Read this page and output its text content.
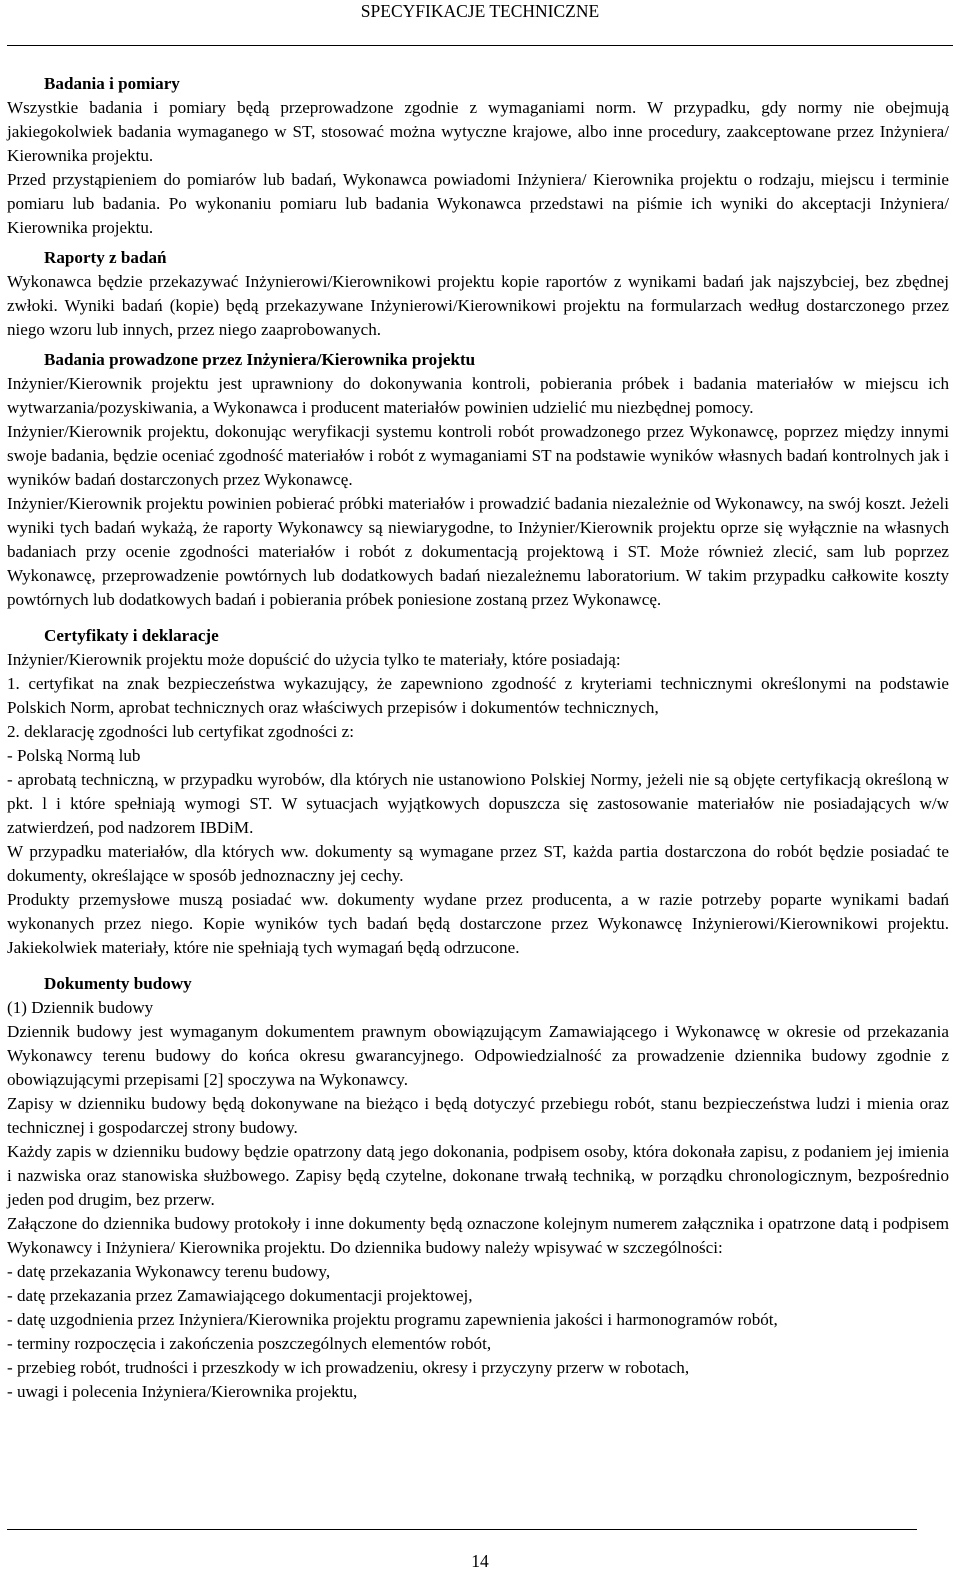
SPECYFIKACJE TECHNICZNE

Badania i pomiary

Wszystkie badania i pomiary będą przeprowadzone zgodnie z wymaganiami norm. W przypadku, gdy normy nie obejmują jakiegokolwiek badania wymaganego w ST, stosować można wytyczne krajowe, albo inne procedury, zaakceptowane przez Inżyniera/ Kierownika projektu.

Przed przystąpieniem do pomiarów lub badań, Wykonawca powiadomi Inżyniera/ Kierownika projektu o rodzaju, miejscu i terminie pomiaru lub badania. Po wykonaniu pomiaru lub badania Wykonawca przedstawi na piśmie ich wyniki do akceptacji Inżyniera/ Kierownika projektu.

Raporty z badań

Wykonawca będzie przekazywać Inżynierowi/Kierownikowi projektu kopie raportów z wynikami badań jak najszybciej, bez zbędnej zwłoki. Wyniki badań (kopie) będą przekazywane Inżynierowi/Kierownikowi projektu na formularzach według dostarczonego przez niego wzoru lub innych, przez niego zaaprobowanych.

Badania prowadzone przez Inżyniera/Kierownika projektu

Inżynier/Kierownik projektu jest uprawniony do dokonywania kontroli, pobierania próbek i badania materiałów w miejscu ich wytwarzania/pozyskiwania, a Wykonawca i producent materiałów powinien udzielić mu niezbędnej pomocy.

Inżynier/Kierownik projektu, dokonując weryfikacji systemu kontroli robót prowadzonego przez Wykonawcę, poprzez między innymi swoje badania, będzie oceniać zgodność materiałów i robót z wymaganiami ST na podstawie wyników własnych badań kontrolnych jak i wyników badań dostarczonych przez Wykonawcę.

Inżynier/Kierownik projektu powinien pobierać próbki materiałów i prowadzić badania niezależnie od Wykonawcy, na swój koszt. Jeżeli wyniki tych badań wykażą, że raporty Wykonawcy są niewiarygodne, to Inżynier/Kierownik projektu oprze się wyłącznie na własnych badaniach przy ocenie zgodności materiałów i robót z dokumentacją projektową i ST. Może również zlecić, sam lub poprzez Wykonawcę, przeprowadzenie powtórnych lub dodatkowych badań niezależnemu laboratorium. W takim przypadku całkowite koszty powtórnych lub dodatkowych badań i pobierania próbek poniesione zostaną przez Wykonawcę.

Certyfikaty i deklaracje

Inżynier/Kierownik projektu może dopuścić do użycia tylko te materiały, które posiadają:

1. certyfikat na znak bezpieczeństwa wykazujący, że zapewniono zgodność z kryteriami technicznymi określonymi na podstawie Polskich Norm, aprobat technicznych oraz właściwych przepisów i dokumentów technicznych,

2. deklarację zgodności lub certyfikat zgodności z:

- Polską Normą lub

- aprobatą techniczną, w przypadku wyrobów, dla których nie ustanowiono Polskiej Normy, jeżeli nie są objęte certyfikacją określoną w pkt. l i które spełniają wymogi ST. W sytuacjach wyjątkowych dopuszcza się zastosowanie materiałów nie posiadających w/w zatwierdzeń, pod nadzorem IBDiM.

W przypadku materiałów, dla których ww. dokumenty są wymagane przez ST, każda partia dostarczona do robót będzie posiadać te dokumenty, określające w sposób jednoznaczny jej cechy.

Produkty przemysłowe muszą posiadać ww. dokumenty wydane przez producenta, a w razie potrzeby poparte wynikami badań wykonanych przez niego. Kopie wyników tych badań będą dostarczone przez Wykonawcę Inżynierowi/Kierownikowi projektu. Jakiekolwiek materiały, które nie spełniają tych wymagań będą odrzucone.

Dokumenty budowy

(1) Dziennik budowy

Dziennik budowy jest wymaganym dokumentem prawnym obowiązującym Zamawiającego i Wykonawcę w okresie od przekazania Wykonawcy terenu budowy do końca okresu gwarancyjnego. Odpowiedzialność za prowadzenie dziennika budowy zgodnie z obowiązującymi przepisami [2] spoczywa na Wykonawcy.

Zapisy w dzienniku budowy będą dokonywane na bieżąco i będą dotyczyć przebiegu robót, stanu bezpieczeństwa ludzi i mienia oraz technicznej i gospodarczej strony budowy.

Każdy zapis w dzienniku budowy będzie opatrzony datą jego dokonania, podpisem osoby, która dokonała zapisu, z podaniem jej imienia i nazwiska oraz stanowiska służbowego. Zapisy będą czytelne, dokonane trwałą techniką, w porządku chronologicznym, bezpośrednio jeden pod drugim, bez przerw.

Załączone do dziennika budowy protokoły i inne dokumenty będą oznaczone kolejnym numerem załącznika i opatrzone datą i podpisem Wykonawcy i Inżyniera/ Kierownika projektu. Do dziennika budowy należy wpisywać w szczególności:

- datę przekazania Wykonawcy terenu budowy,

- datę przekazania przez Zamawiającego dokumentacji projektowej,

- datę uzgodnienia przez Inżyniera/Kierownika projektu programu zapewnienia jakości i harmonogramów robót,

- terminy rozpoczęcia i zakończenia poszczególnych elementów robót,

- przebieg robót, trudności i przeszkody w ich prowadzeniu, okresy i przyczyny przerw w robotach,

- uwagi i polecenia Inżyniera/Kierownika projektu,

14
